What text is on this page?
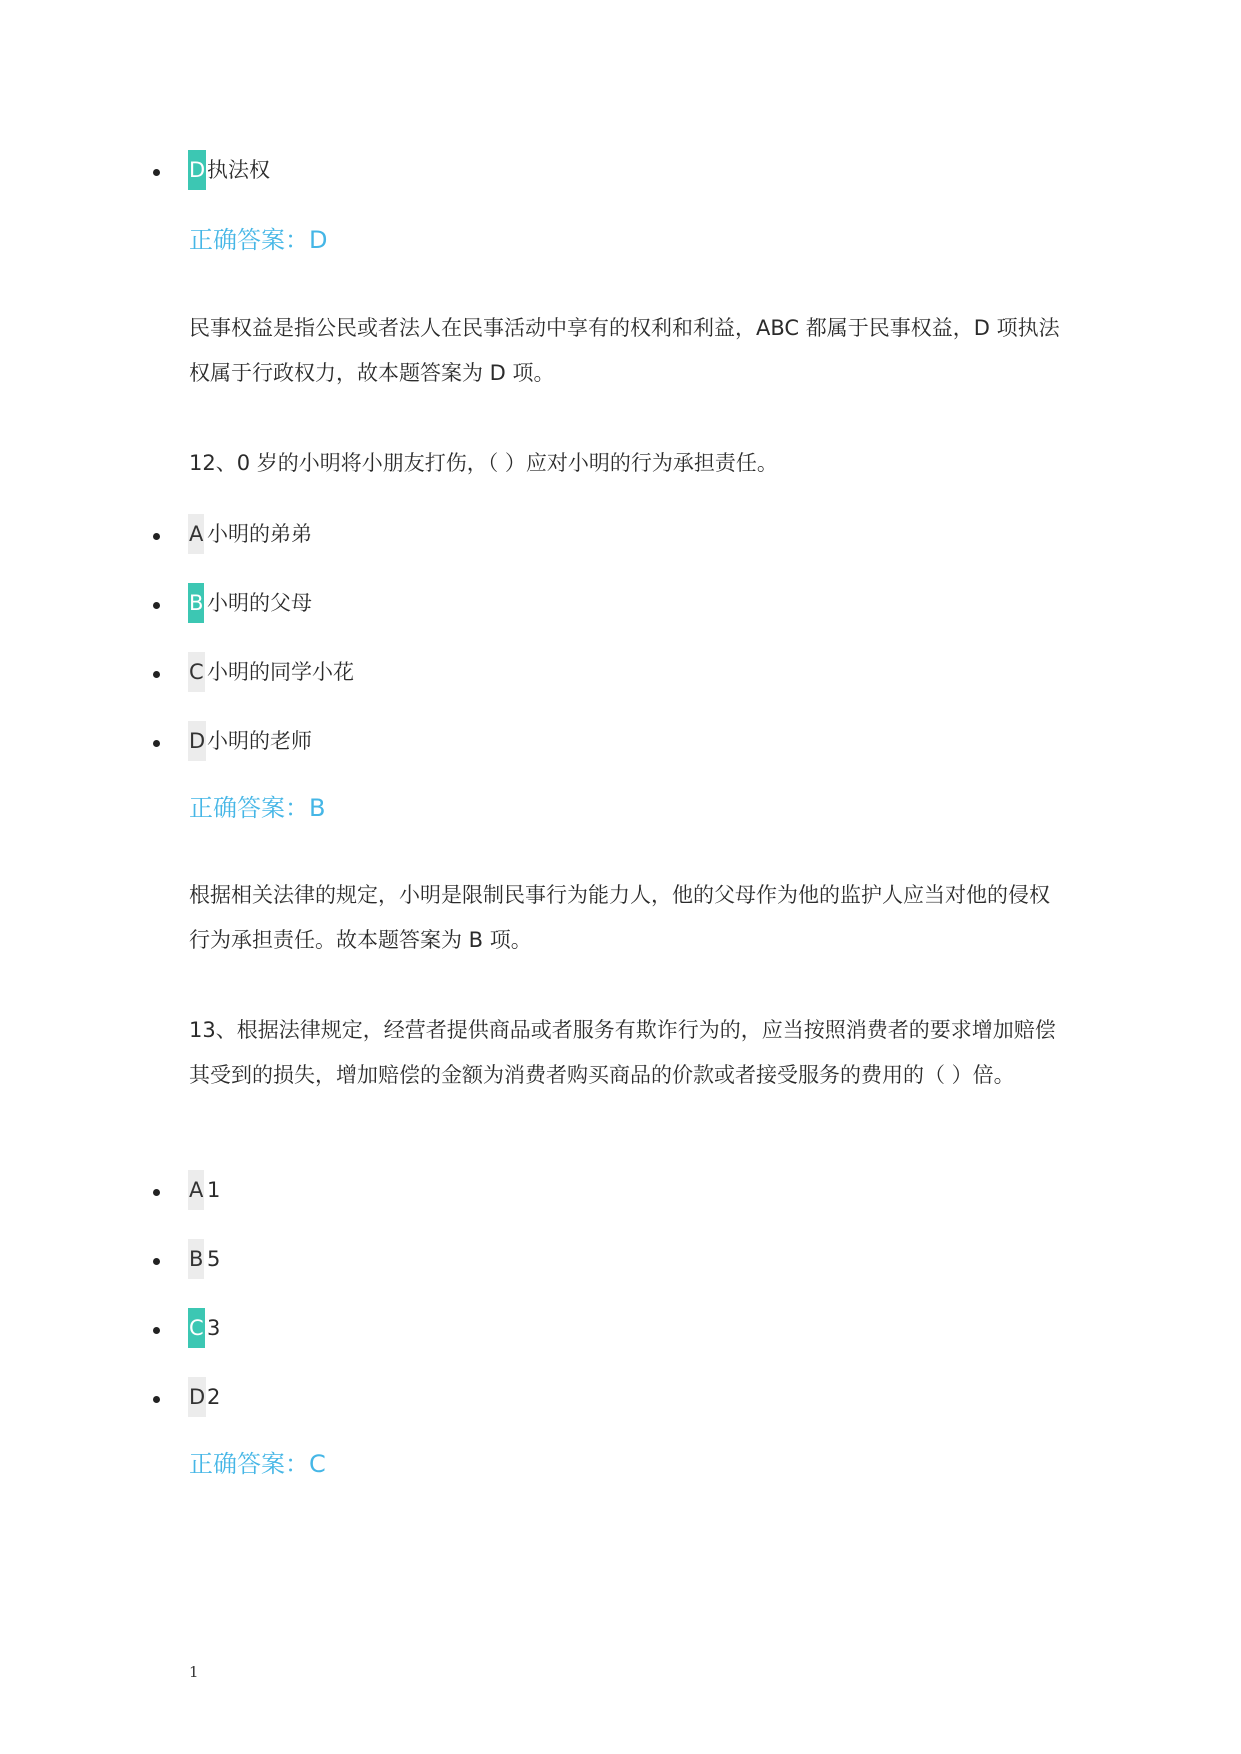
D 执法权
正确答案：D
民事权益是指公民或者法人在民事活动中享有的权利和利益，ABC 都属于民事权益，D 项执法权属于行政权力，故本题答案为 D 项。
12、0 岁的小明将小朋友打伤，（ ）应对小明的行为承担责任。
A 小明的弟弟
B 小明的父母
C 小明的同学小花
D 小明的老师
正确答案：B
根据相关法律的规定，小明是限制民事行为能力人，他的父母作为他的监护人应当对他的侵权行为承担责任。故本题答案为 B 项。
13、根据法律规定，经营者提供商品或者服务有欺诈行为的，应当按照消费者的要求增加赔偿其受到的损失，增加赔偿的金额为消费者购买商品的价款或者接受服务的费用的（ ）倍。
A 1
B 5
C 3
D 2
正确答案：C
1
